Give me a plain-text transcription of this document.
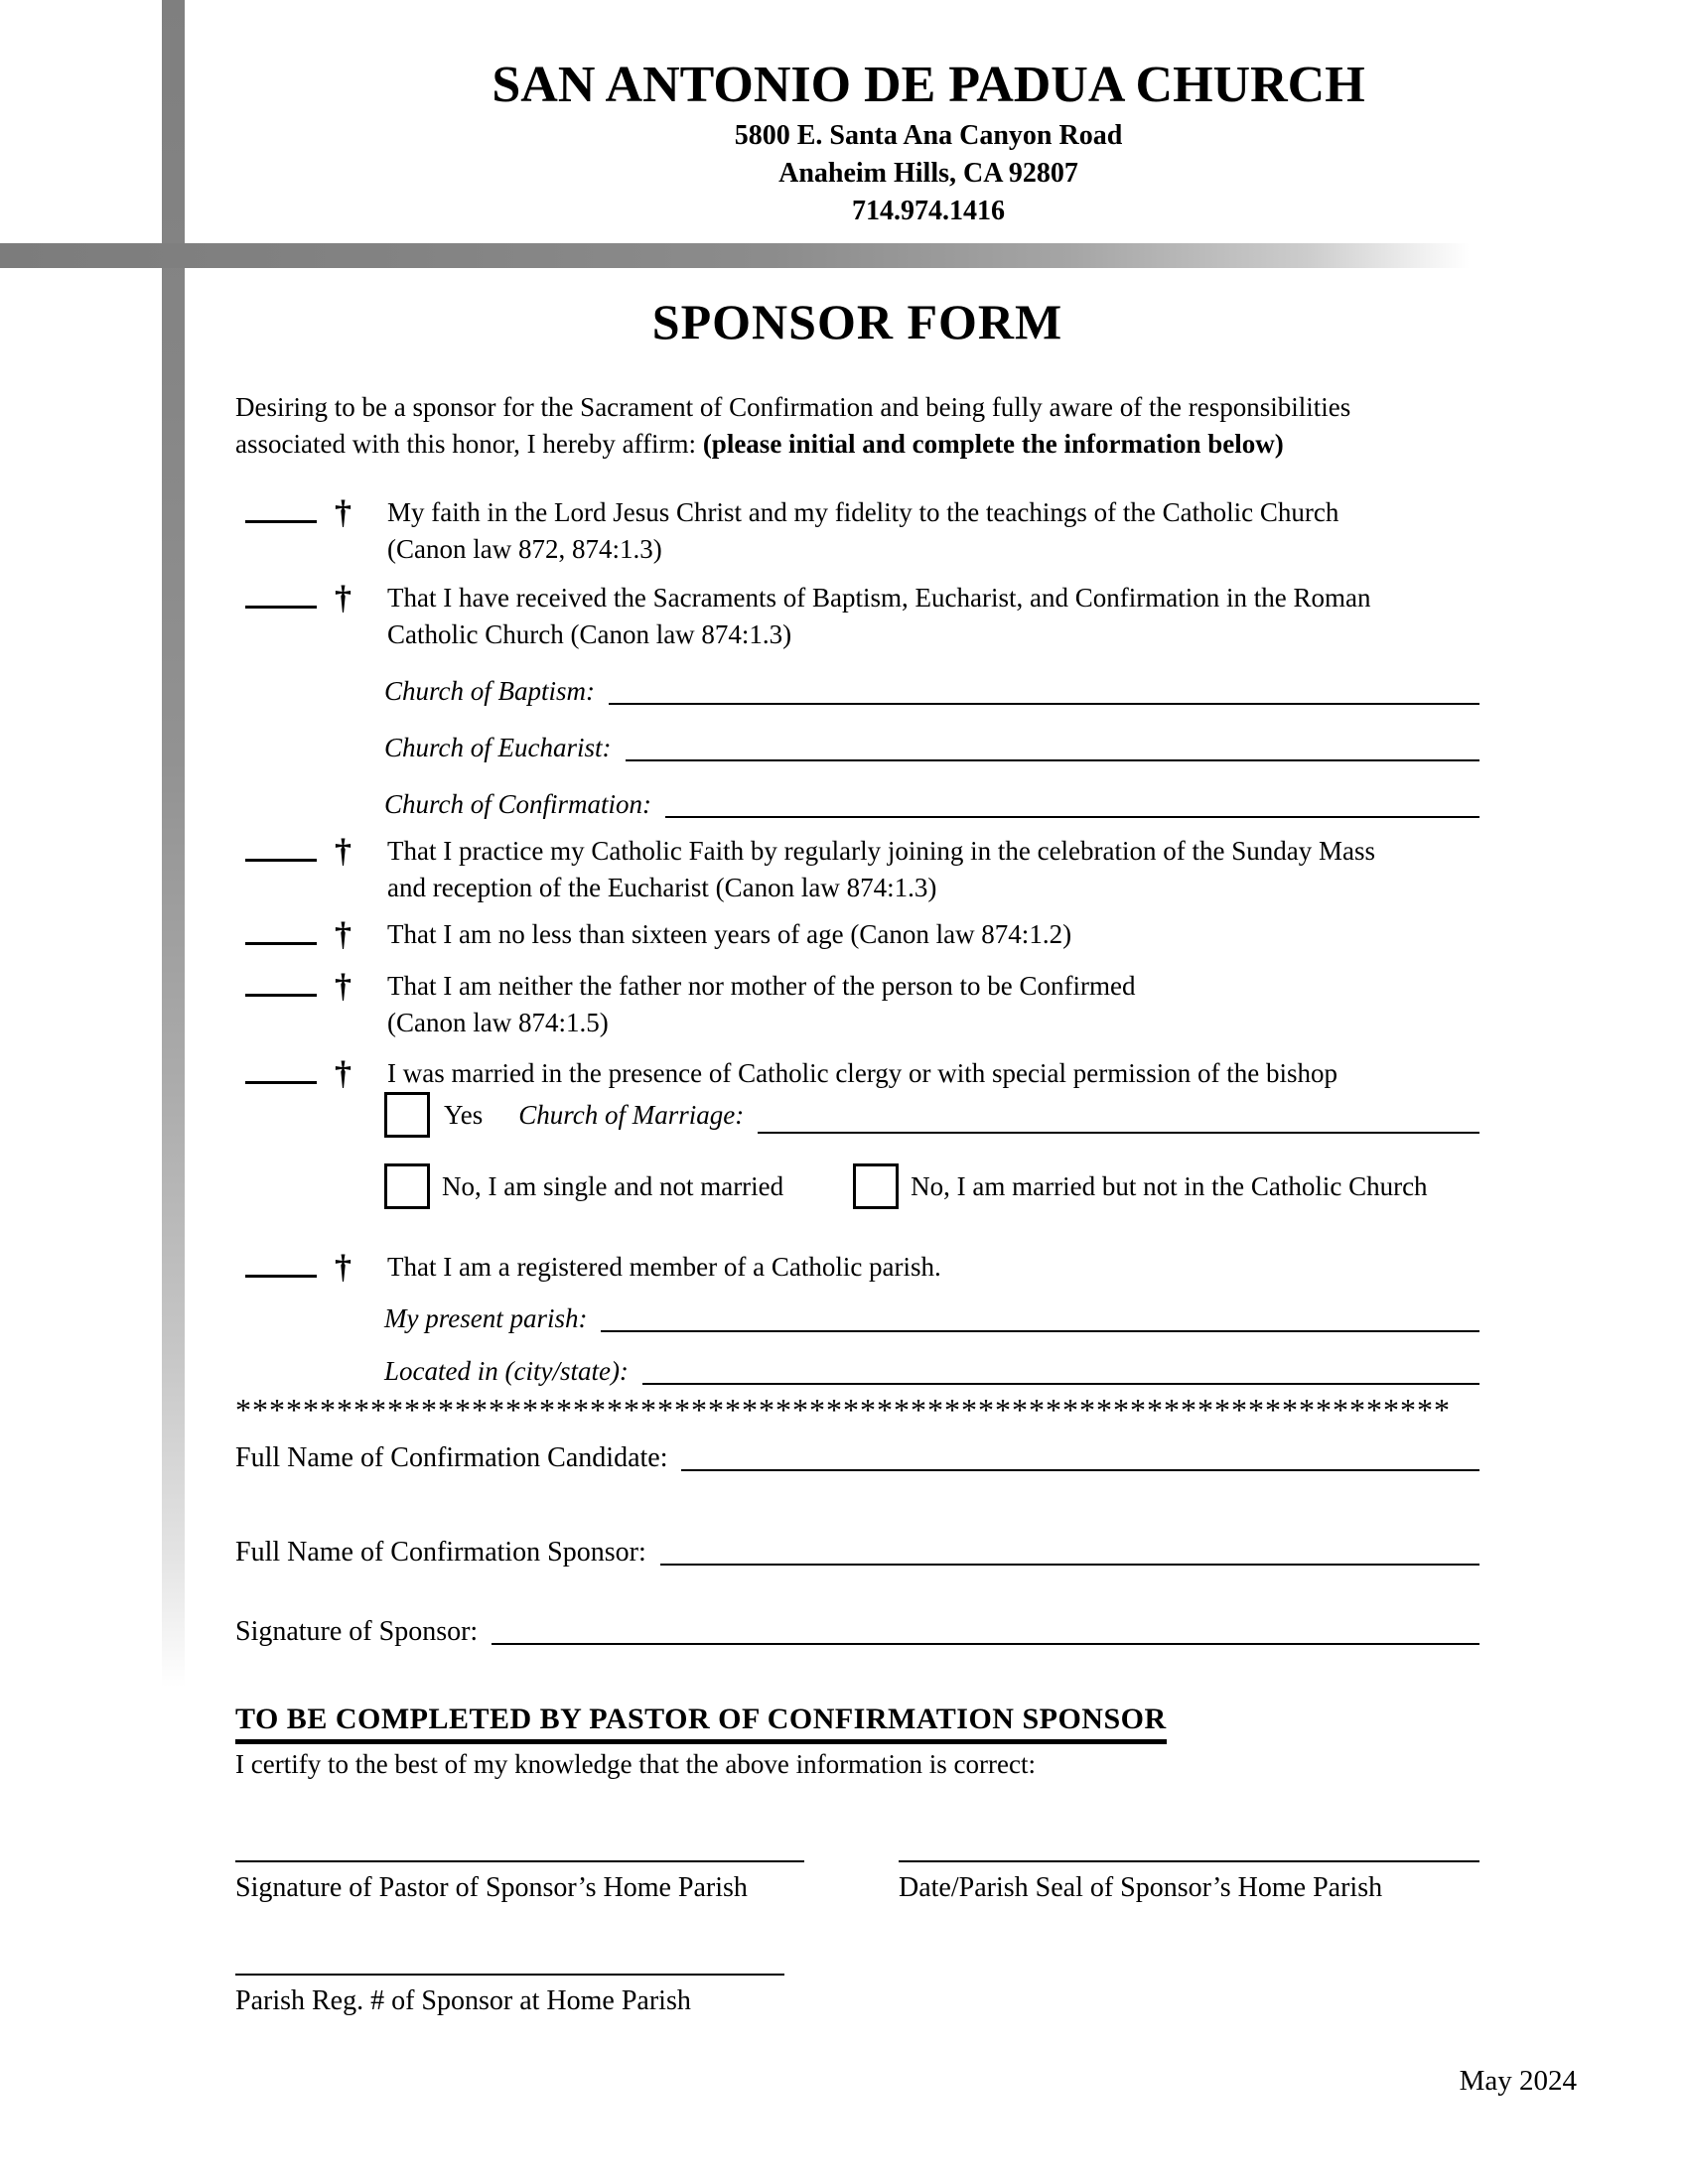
SAN ANTONIO DE PADUA CHURCH
5800 E. Santa Ana Canyon Road
Anaheim Hills, CA 92807
714.974.1416
SPONSOR FORM
Desiring to be a sponsor for the Sacrament of Confirmation and being fully aware of the responsibilities
associated with this honor, I hereby affirm: (please initial and complete the information below)
†	My faith in the Lord Jesus Christ and my fidelity to the teachings of the Catholic Church
(Canon law 872, 874:1.3)
†	That I have received the Sacraments of Baptism, Eucharist, and Confirmation in the Roman
Catholic Church (Canon law 874:1.3)
Church of Baptism:
Church of Eucharist:
Church of Confirmation:
†	That I practice my Catholic Faith by regularly joining in the celebration of the Sunday Mass
and reception of the Eucharist (Canon law 874:1.3)
†	That I am no less than sixteen years of age (Canon law 874:1.2)
†	That I am neither the father nor mother of the person to be Confirmed
(Canon law 874:1.5)
†	I was married in the presence of Catholic clergy or with special permission of the bishop
Yes Church of Marriage:
No, I am single and not married	No, I am married but not in the Catholic Church
†	That I am a registered member of a Catholic parish.
My present parish:
Located in (city/state):
************************************************************************
Full Name of Confirmation Candidate:
Full Name of Confirmation Sponsor:
Signature of Sponsor:
TO BE COMPLETED BY PASTOR OF CONFIRMATION SPONSOR
I certify to the best of my knowledge that the above information is correct:
Signature of Pastor of Sponsor’s Home Parish	Date/Parish Seal of Sponsor’s Home Parish
Parish Reg. # of Sponsor at Home Parish
May 2024
